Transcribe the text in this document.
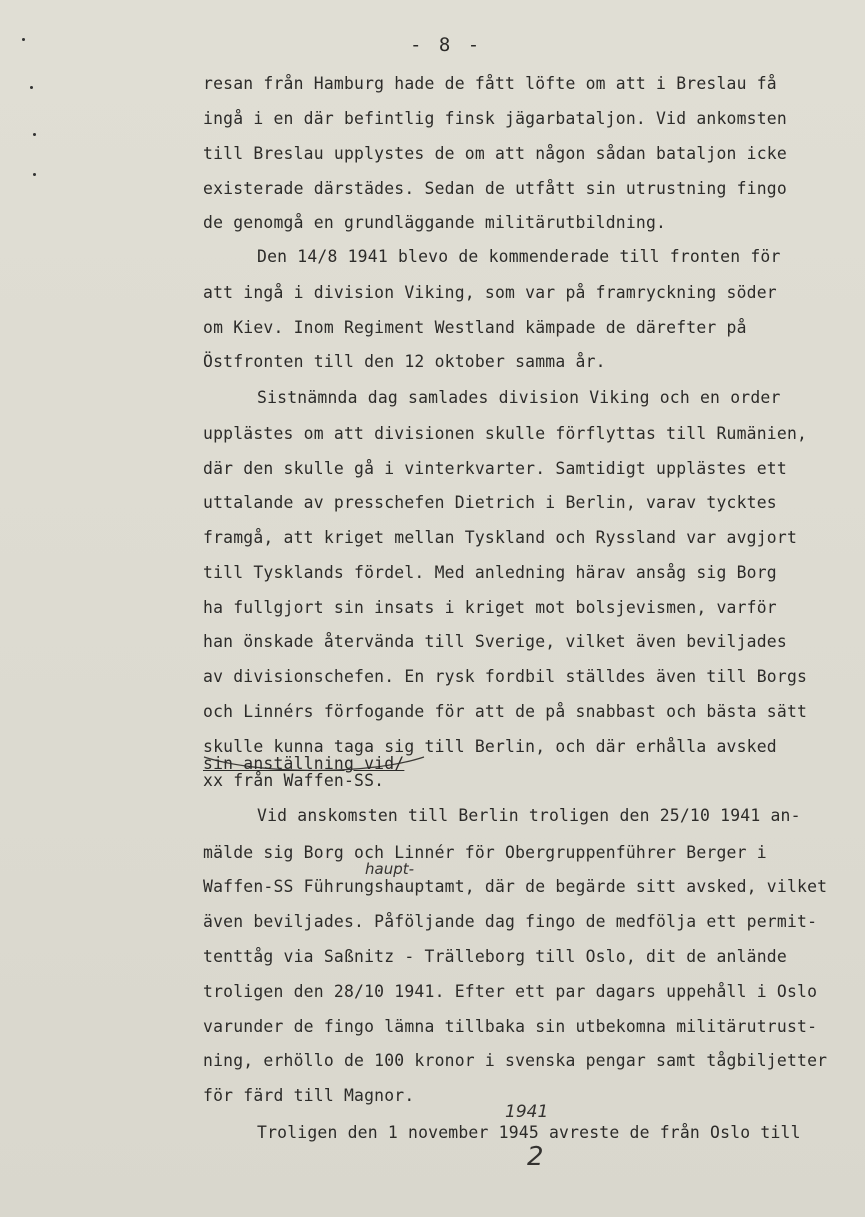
- 8 -
resan från Hamburg hade de fått löfte om att i Breslau få
ingå i en där befintlig finsk jägarbataljon. Vid ankomsten
till Breslau upplystes de om att någon sådan bataljon icke
existerade därstädes. Sedan de utfått sin utrustning fingo
de genomgå en grundläggande militärutbildning.
Den 14/8 1941 blevo de kommenderade till fronten för
att ingå i division Viking, som var på framryckning söder
om Kiev. Inom Regiment Westland kämpade de därefter på
Östfronten till den 12 oktober samma år.
Sistnämnda dag samlades division Viking och en order
upplästes om att divisionen skulle förflyttas till Rumänien,
där den skulle gå i vinterkvarter. Samtidigt upplästes ett
uttalande av presschefen Dietrich i Berlin, varav tycktes
framgå, att kriget mellan Tyskland och Ryssland var avgjort
till Tysklands fördel. Med anledning härav ansåg sig Borg
ha fullgjort sin insats i kriget mot bolsjevismen, varför
han önskade återvända till Sverige, vilket även beviljades
av divisionschefen. En rysk fordbil ställdes även till Borgs
och Linnérs förfogande för att de på snabbast och bästa sätt
skulle kunna taga sig till Berlin, och där erhålla avsked
sin anställning vid/
xx från Waffen-SS.
Vid anskomsten till Berlin troligen den 25/10 1941 an-
mälde sig Borg och Linnér för Obergruppenführer Berger i
haupt-
Waffen-SS Führungshauptamt, där de begärde sitt avsked, vilket
även beviljades. Påföljande dag fingo de medfölja ett permit-
tenttåg via Saßnitz - Trälleborg till Oslo, dit de anlände
troligen den 28/10 1941. Efter ett par dagars uppehåll i Oslo
varunder de fingo lämna tillbaka sin utbekomna militärutrust-
ning, erhöllo de 100 kronor i svenska pengar samt tågbiljetter
för färd till Magnor.
1941
Troligen den 1 november 1945 avreste de från Oslo till
2
